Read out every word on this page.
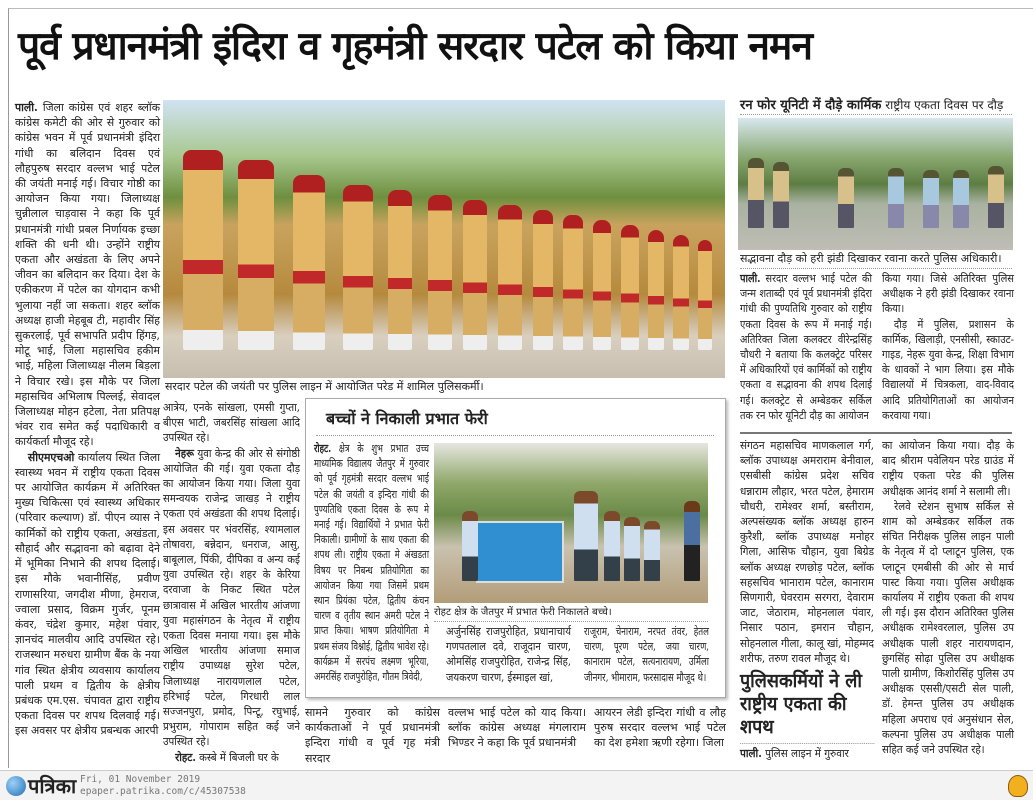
पूर्व प्रधानमंत्री इंदिरा व गृहमंत्री सरदार पटेल को किया नमन

पाली. जिला कांग्रेस एवं शहर ब्लॉक कांग्रेस कमेटी की ओर से गुरुवार को कांग्रेस भवन में पूर्व प्रधानमंत्री इंदिरा गांधी का बलिदान दिवस एवं लौहपुरुष सरदार वल्लभ भाई पटेल की जयंती मनाई गई। विचार गोष्ठी का आयोजन किया गया। जिलाध्यक्ष चुन्नीलाल चाड़वास ने कहा कि पूर्व प्रधानमंत्री गांधी प्रबल निर्णायक इच्छा शक्ति की धनी थी। उन्होंने राष्ट्रीय एकता और अखंडता के लिए अपने जीवन का बलिदान कर दिया। देश के एकीकरण में पटेल का योगदान कभी भुलाया नहीं जा सकता। शहर ब्लॉक अध्यक्ष हाजी मेहबूब टी, महावीर सिंह सुकरलाई, पूर्व सभापति प्रदीप हिंगड़, मोटू भाई, जिला महासचिव हकीम भाई, महिला जिलाध्यक्ष नीलम बिड़ला ने विचार रखे। इस मौके पर जिला महासचिव अभिलाष पिल्लई, सेवादल जिलाध्यक्ष मोहन हटेला, नेता प्रतिपक्ष भंवर राव समेत कई पदाधिकारी व कार्यकर्ता मौजूद रहे।

सीएमएचओ कार्यालय स्थित जिला स्वास्थ्य भवन में राष्ट्रीय एकता दिवस पर आयोजित कार्यक्रम में अतिरिक्त मुख्य चिकित्सा एवं स्वास्थ्य अधिकार (परिवार कल्याण) डॉ. पीएन व्यास ने कार्मिकों को राष्ट्रीय एकता, अखंडता, सौहार्द और सद्भावना को बढ़ावा देने में भूमिका निभाने की शपथ दिलाई। इस मौके भवानीसिंह, प्रवीण राणासरिया, जगदीश मीणा, हेमराज, ज्वाला प्रसाद, विक्रम गुर्जर, पूनम कंवर, चंद्रेश कुमार, महेश पंवार, ज्ञानचंद मालवीय आदि उपस्थित रहे। राजस्थान मरुधरा ग्रामीण बैंक के नया गांव स्थित क्षेत्रीय व्यवसाय कार्यालय पाली प्रथम व द्वितीय के क्षेत्रीय प्रबंधक एम.एस. चंपावत द्वारा राष्ट्रीय एकता दिवस पर शपथ दिलवाई गई। इस अवसर पर क्षेत्रीय प्रबन्धक आरपी

सरदार पटेल की जयंती पर पुलिस लाइन में आयोजित परेड में शामिल पुलिसकर्मी।

आत्रेय, एनके सांखला, एमसी गुप्ता, बीएस भाटी, जबरसिंह सांखला आदि उपस्थित रहे।

नेहरू युवा केन्द्र की ओर से संगोष्ठी आयोजित की गई। युवा एकता दौड़ का आयोजन किया गया। जिला युवा समन्वयक राजेन्द्र जाखड़ ने राष्ट्रीय एकता एवं अखंडता की शपथ दिलाई। इस अवसर पर भंवरसिंह, श्यामलाल तोषावरा, बन्नेदान, धनराज, आसु, बाबूलाल, पिंकी, दीपिका व अन्य कई युवा उपस्थित रहे। शहर के केरिया दरवाजा के निकट स्थित पटेल छात्रावास में अखिल भारतीय आंजणा युवा महासंगठन के नेतृत्व में राष्ट्रीय एकता दिवस मनाया गया। इस मौके अखिल भारतीय आंजणा समाज राष्ट्रीय उपाध्यक्ष सुरेश पटेल, जिलाध्यक्ष नारायणलाल पटेल, हरिभाई पटेल, गिरधारी लाल सज्जनपुरा, प्रमोद, पिन्टू, रघुभाई, प्रभुराम, गोपाराम सहित कई जने उपस्थित रहे।

रोहट. कस्बे में बिजली घर के

बच्चों ने निकाली प्रभात फेरी
रोहट. क्षेत्र के शुभ प्रभात उच्च माध्यमिक विद्यालय जैतपुर में गुरुवार को पूर्व गृहमंत्री सरदार वल्लभ भाई पटेल की जयंती व इन्दिरा गांधी की पुण्यतिथि एकता दिवस के रूप मे मनाई गई। विद्यार्थियों ने प्रभात फेरी निकाली। ग्रामीणों के साथ एकता की शपथ ली। राष्ट्रीय एकता मे अंखडता विषय पर निबन्ध प्रतियोगिता का आयोजन किया गया जिसमें प्रथम स्थान प्रियंका पटेल, द्वितीय कंचन चारण व तृतीय स्थान अमरी पटेल ने प्राप्त किया। भाषण प्रतियोगिता मे प्रथम संजय विश्नोई, द्वितीय भावेश रहे। कार्यक्रम में सरपंच लक्ष्मण भूरिया, अमरसिंह राजपुरोहित, गौतम त्रिवेदी,
रोहट क्षेत्र के जैतपुर में प्रभात फेरी निकालते बच्चे।
अर्जुनसिंह राजपुरोहित, प्रधानाचार्य गणपतलाल दवे, राजूदान चारण, ओमसिंह राजपुरोहित, राजेन्द्र सिंह, जयकरण चारण, ईस्माइल खां,
राजूराम, चेनाराम, नरपत तंवर, हेतल चारण, पूरण पटेल, जया चारण, कानाराम पटेल, सत्यनारायण, उर्मिला जीनगर, भीमाराम, फरसादास मौजूद थे।
सामने गुरुवार को कांग्रेस कार्यकताओं ने पूर्व प्रधानमंत्री इन्दिरा गांधी व पूर्व गृह मंत्री सरदार
वल्लभ भाई पटेल को याद किया। ब्लॉक कांग्रेस अध्यक्ष मंगलाराम भिण्डर ने कहा कि पूर्व प्रधानमंत्री
आयरन लेडी इन्दिरा गांधी व लौह पुरुष सरदार वल्लभ भाई पटेल का देश हमेशा ऋणी रहेगा। जिला
रन फोर यूनिटी में दौड़े कार्मिक राष्ट्रीय एकता दिवस पर दौड़
सद्भावना दौड़ को हरी झंडी दिखाकर रवाना करते पुलिस अधिकारी।
पाली. सरदार वल्लभ भाई पटेल की जन्म शताब्दी एवं पूर्व प्रधानमंत्री इंदिरा गांधी की पुण्यतिथि गुरुवार को राष्ट्रीय एकता दिवस के रूप में मनाई गई। अतिरिक्त जिला कलक्टर वीरेन्द्रसिंह चौधरी ने बताया कि कलक्ट्रेट परिसर में अधिकारियों एवं कार्मिकों को राष्ट्रीय एकता व सद्भावना की शपथ दिलाई गई। कलक्ट्रेट से अम्बेडकर सर्किल तक रन फोर यूनिटी दौड़ का आयोजन

किया गया। जिसे अतिरिक्त पुलिस अधीक्षक ने हरी झंडी दिखाकर रवाना किया।

दौड़ में पुलिस, प्रशासन के कार्मिक, खिलाड़ी, एनसीसी, स्काउट-गाइड, नेहरू युवा केन्द्र, शिक्षा विभाग के धावकों ने भाग लिया। इस मौके विद्यालयों में चित्रकला, वाद-विवाद आदि प्रतियोगिताओं का आयोजन करवाया गया।

संगठन महासचिव माणकलाल गर्ग, ब्लॉक उपाध्यक्ष अमराराम बेनीवाल, एसबीसी कांग्रेस प्रदेश सचिव धन्नाराम लौहार, भरत पटेल, हेमाराम चौधरी, रामेश्वर शर्मा, बस्तीराम, अल्पसंख्यक ब्लॉक अध्यक्ष हारुन कुरैशी, ब्लॉक उपाध्यक्ष मनोहर गिला, आसिफ चौहान, युवा बिग्रेड ब्लॉक अध्यक्ष रणछोड़ पटेल, ब्लॉक सहसचिव भानाराम पटेल, कानाराम सिणगारी, घेवरराम सरगरा, देवाराम जाट, जेठाराम, मोहनलाल पंवार, निसार पठान, इमरान चौहान, सोहनलाल गीला, कालू खां, मोहम्मद शरीफ, तरुण रावल मौजूद थे।

पुलिसकर्मियों ने ली राष्ट्रीय एकता की शपथ

पाली. पुलिस लाइन में गुरुवार

का आयोजन किया गया। दौड़ के बाद श्रीराम पवेलियन परेड ग्राउंड में राष्ट्रीय एकता परेड की पुलिस अधीक्षक आनंद शर्मा ने सलामी ली।

रेलवे स्टेशन सुभाष सर्किल से शाम को अम्बेडकर सर्किल तक संचित निरीक्षक पुलिस लाइन पाली के नेतृत्व में दो प्लाटून पुलिस, एक प्लाटून एमबीसी की ओर से मार्च पास्ट किया गया। पुलिस अधीक्षक कार्यालय में राष्ट्रीय एकता की शपथ ली गई। इस दौरान अतिरिक्त पुलिस अधीक्षक रामेश्वरलाल, पुलिस उप अधीक्षक पाली शहर नारायणदान, छुगसिंह सोढ़ा पुलिस उप अधीक्षक पाली ग्रामीण, किशोरसिंह पुलिस उप अधीक्षक एससी/एसटी सेल पाली, डॉ. हेमन्त पुलिस उप अधीक्षक महिला अपराध एवं अनुसंधान सेल, कल्पना पुलिस उप अधीक्षक पाली सहित कई जने उपस्थित रहे।

पत्रिका Fri, 01 November 2019
epaper.patrika.com/c/45307538
